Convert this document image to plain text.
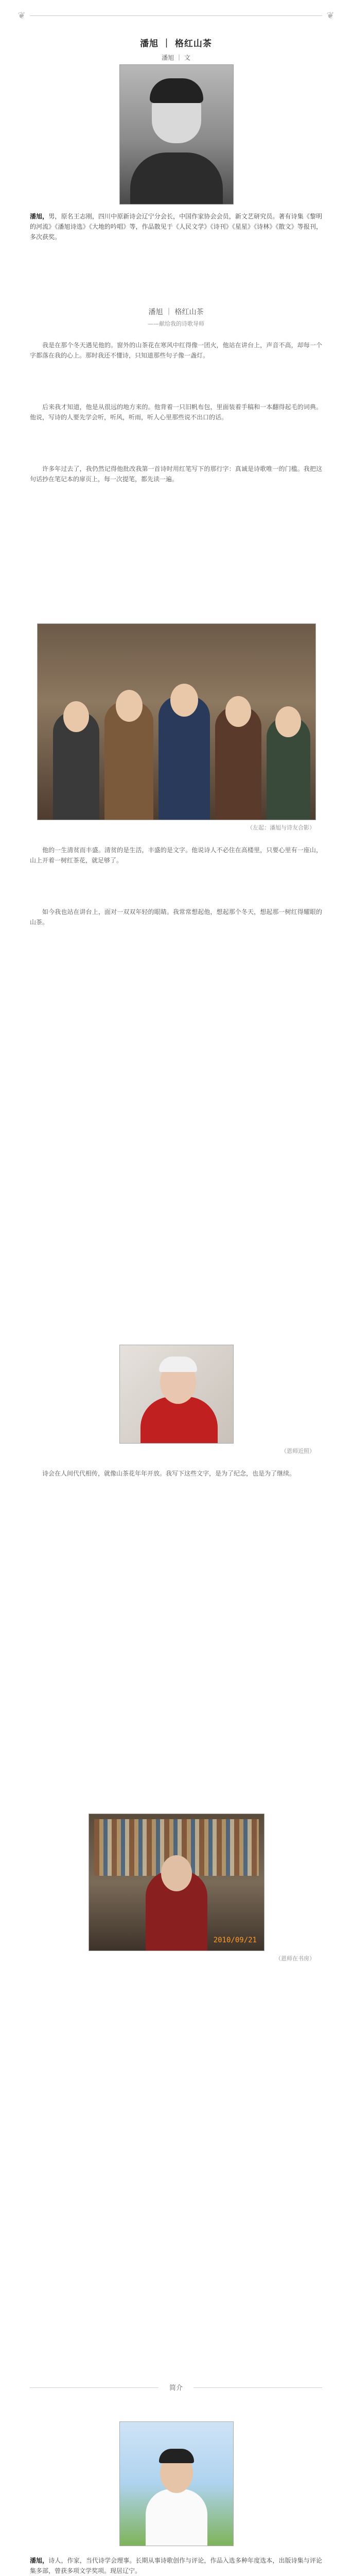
❦	❦
潘旭 ｜ 格红山茶
潘旭 ｜ 文
潘旭，男，原名王志刚，四川中原新诗会辽宁分会长，中国作家协会会员，新文艺研究员。著有诗集《黎明的河流》《潘旭诗选》《大地的吟唱》等，作品散见于《人民文学》《诗刊》《星星》《诗林》《散文》等报刊，多次获奖。
潘旭 ｜ 格红山茶
——献给我的诗歌导师
我是在那个冬天遇见他的。窗外的山茶花在寒风中红得像一团火，他站在讲台上，声音不高，却每一个字都落在我的心上。那时我还不懂诗，只知道那些句子像一盏灯。
后来我才知道，他是从很远的地方来的。他背着一只旧帆布包，里面装着手稿和一本翻得起毛的词典。他说，写诗的人要先学会听，听风，听雨，听人心里那些说不出口的话。
许多年过去了，我仍然记得他批改我第一首诗时用红笔写下的那行字：真诚是诗歌唯一的门槛。我把这句话抄在笔记本的扉页上，每一次提笔，都先读一遍。
（左起：潘旭与诗友合影）
他的一生清贫而丰盛。清贫的是生活，丰盛的是文字。他说诗人不必住在高楼里，只要心里有一座山，山上开着一树红茶花，就足够了。
如今我也站在讲台上，面对一双双年轻的眼睛。我常常想起他，想起那个冬天，想起那一树红得耀眼的山茶。
（恩师近照）
诗会在人间代代相传，就像山茶花年年开放。我写下这些文字，是为了纪念，也是为了继续。
2010/09/21
（恩师在书房）
简介
潘旭，诗人，作家，当代诗学会理事。长期从事诗歌创作与评论，作品入选多种年度选本，出版诗集与评论集多部，曾获多项文学奖项。现居辽宁。
